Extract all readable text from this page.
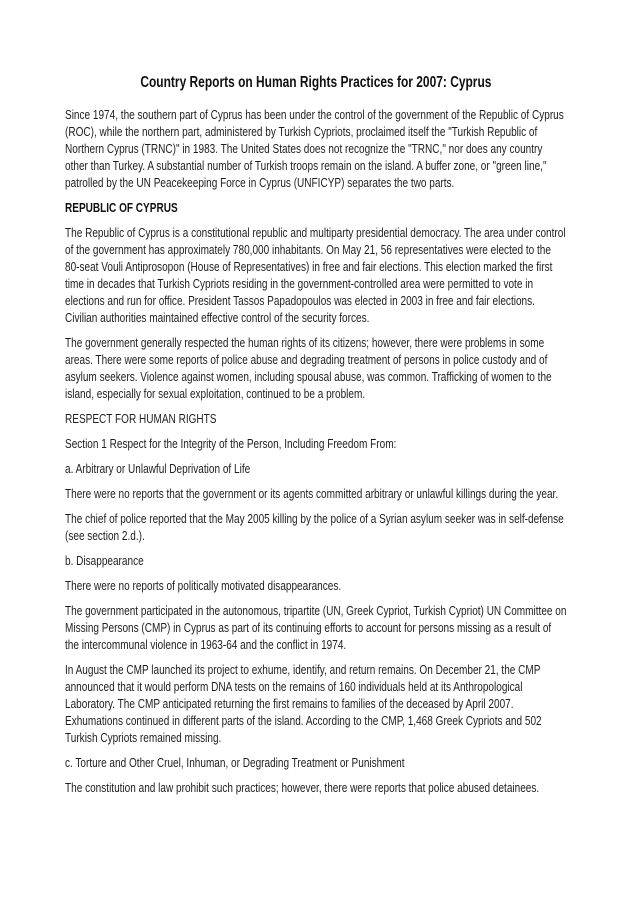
Country Reports on Human Rights Practices for 2007: Cyprus
Since 1974, the southern part of Cyprus has been under the control of the government of the Republic of Cyprus (ROC), while the northern part, administered by Turkish Cypriots, proclaimed itself the "Turkish Republic of Northern Cyprus (TRNC)" in 1983. The United States does not recognize the "TRNC," nor does any country other than Turkey. A substantial number of Turkish troops remain on the island. A buffer zone, or "green line," patrolled by the UN Peacekeeping Force in Cyprus (UNFICYP) separates the two parts.
REPUBLIC OF CYPRUS
The Republic of Cyprus is a constitutional republic and multiparty presidential democracy. The area under control of the government has approximately 780,000 inhabitants. On May 21, 56 representatives were elected to the 80-seat Vouli Antiprosopon (House of Representatives) in free and fair elections. This election marked the first time in decades that Turkish Cypriots residing in the government-controlled area were permitted to vote in elections and run for office. President Tassos Papadopoulos was elected in 2003 in free and fair elections. Civilian authorities maintained effective control of the security forces.
The government generally respected the human rights of its citizens; however, there were problems in some areas. There were some reports of police abuse and degrading treatment of persons in police custody and of asylum seekers. Violence against women, including spousal abuse, was common. Trafficking of women to the island, especially for sexual exploitation, continued to be a problem.
RESPECT FOR HUMAN RIGHTS
Section 1 Respect for the Integrity of the Person, Including Freedom From:
a. Arbitrary or Unlawful Deprivation of Life
There were no reports that the government or its agents committed arbitrary or unlawful killings during the year.
The chief of police reported that the May 2005 killing by the police of a Syrian asylum seeker was in self-defense (see section 2.d.).
b. Disappearance
There were no reports of politically motivated disappearances.
The government participated in the autonomous, tripartite (UN, Greek Cypriot, Turkish Cypriot) UN Committee on Missing Persons (CMP) in Cyprus as part of its continuing efforts to account for persons missing as a result of the intercommunal violence in 1963-64 and the conflict in 1974.
In August the CMP launched its project to exhume, identify, and return remains. On December 21, the CMP announced that it would perform DNA tests on the remains of 160 individuals held at its Anthropological Laboratory. The CMP anticipated returning the first remains to families of the deceased by April 2007. Exhumations continued in different parts of the island. According to the CMP, 1,468 Greek Cypriots and 502 Turkish Cypriots remained missing.
c. Torture and Other Cruel, Inhuman, or Degrading Treatment or Punishment
The constitution and law prohibit such practices; however, there were reports that police abused detainees.
